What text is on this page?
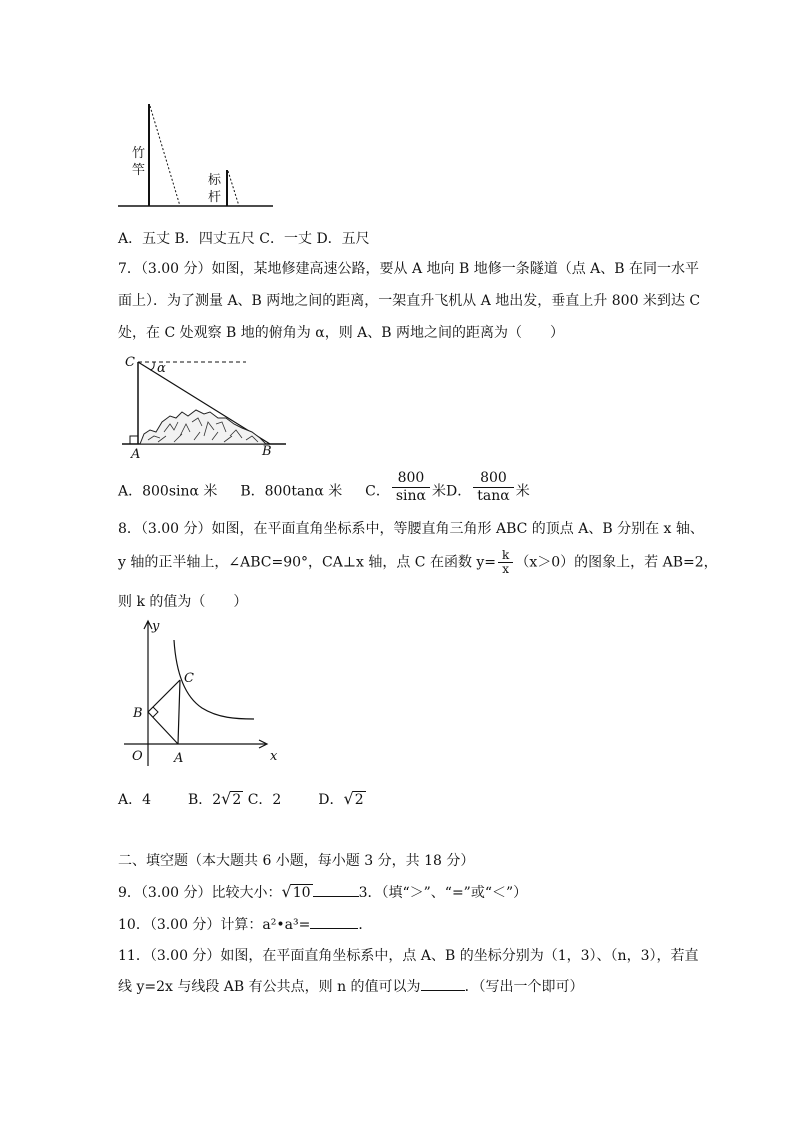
竹
竿
标
杆
A．五丈 B．四丈五尺 C．一丈 D．五尺
7．（3.00 分）如图，某地修建高速公路，要从 A 地向 B 地修一条隧道（点 A、B 在同一水平
面上）．为了测量 A、B 两地之间的距离，一架直升飞机从 A 地出发，垂直上升 800 米到达 C
处，在 C 处观察 B 地的俯角为 α，则 A、B 两地之间的距离为（　　）
C α
A	B
A．800sinα 米 B．800tanα 米 C． $\frac{800}{\sin\alpha}$ 米D． $\frac{800}{\tan\alpha}$ 米
8．（3.00 分）如图，在平面直角坐标系中，等腰直角三角形 ABC 的顶点 A、B 分别在 x 轴、
y 轴的正半轴上，∠ABC=90°，CA⊥x 轴，点 C 在函数 $y= \frac{k}{x} (x>0)$的图象上，若 AB=2，
则 k 的值为（　　）
y
x
C
B
O A
A．4	B．2√2 C．2	D．√2
二、填空题（本大题共 6 小题，每小题 3 分，共 18 分）
9．（3.00 分）比较大小：√10	3．（填“＞”、“=”或“＜”）
10．（3.00 分）计算：a²•a³=	．
11．（3.00 分）如图，在平面直角坐标系中，点 A、B 的坐标分别为（1，3）、（n，3），若直
线 y=2x 与线段 AB 有公共点，则 n 的值可以为	．（写出一个即可）
